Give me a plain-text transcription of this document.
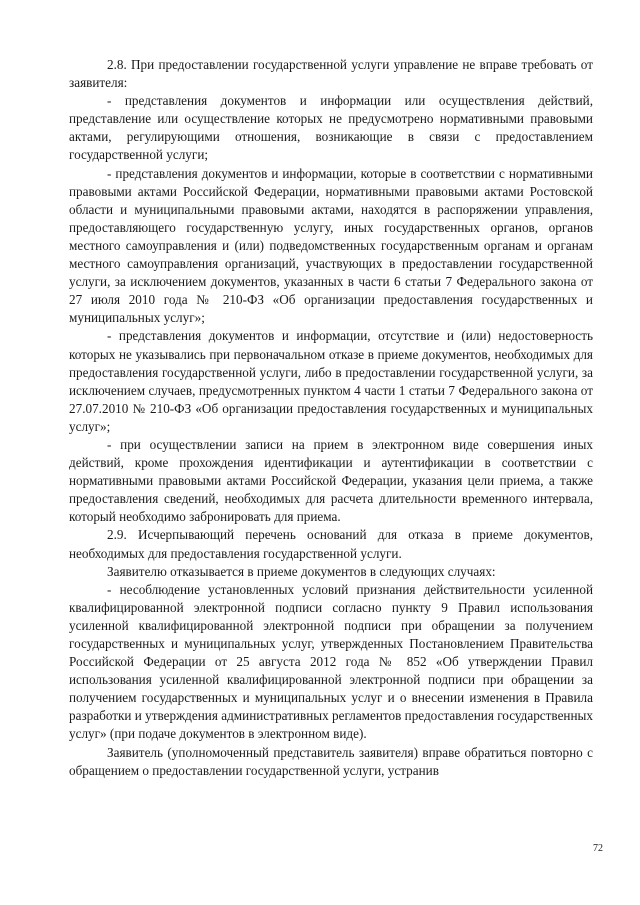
2.8. При предоставлении государственной услуги управление не вправе требовать от заявителя:

- представления документов и информации или осуществления действий, представление или осуществление которых не предусмотрено нормативными правовыми актами, регулирующими отношения, возникающие в связи с предоставлением государственной услуги;

- представления документов и информации, которые в соответствии с нормативными правовыми актами Российской Федерации, нормативными правовыми актами Ростовской области и муниципальными правовыми актами, находятся в распоряжении управления, предоставляющего государственную услугу, иных государственных органов, органов местного самоуправления и (или) подведомственных государственным органам и органам местного самоуправления организаций, участвующих в предоставлении государственной услуги, за исключением документов, указанных в части 6 статьи 7 Федерального закона от 27 июля 2010 года № 210-ФЗ «Об организации предоставления государственных и муниципальных услуг»;

- представления документов и информации, отсутствие и (или) недостоверность которых не указывались при первоначальном отказе в приеме документов, необходимых для предоставления государственной услуги, либо в предоставлении государственной услуги, за исключением случаев, предусмотренных пунктом 4 части 1 статьи 7 Федерального закона от 27.07.2010 № 210-ФЗ «Об организации предоставления государственных и муниципальных услуг»;

- при осуществлении записи на прием в электронном виде совершения иных действий, кроме прохождения идентификации и аутентификации в соответствии с нормативными правовыми актами Российской Федерации, указания цели приема, а также предоставления сведений, необходимых для расчета длительности временного интервала, который необходимо забронировать для приема.

2.9. Исчерпывающий перечень оснований для отказа в приеме документов, необходимых для предоставления государственной услуги.

Заявителю отказывается в приеме документов в следующих случаях:

- несоблюдение установленных условий признания действительности усиленной квалифицированной электронной подписи согласно пункту 9 Правил использования усиленной квалифицированной электронной подписи при обращении за получением государственных и муниципальных услуг, утвержденных Постановлением Правительства Российской Федерации от 25 августа 2012 года № 852 «Об утверждении Правил использования усиленной квалифицированной электронной подписи при обращении за получением государственных и муниципальных услуг и о внесении изменения в Правила разработки и утверждения административных регламентов предоставления государственных услуг» (при подаче документов в электронном виде).

Заявитель (уполномоченный представитель заявителя) вправе обратиться повторно с обращением о предоставлении государственной услуги, устранив

72
